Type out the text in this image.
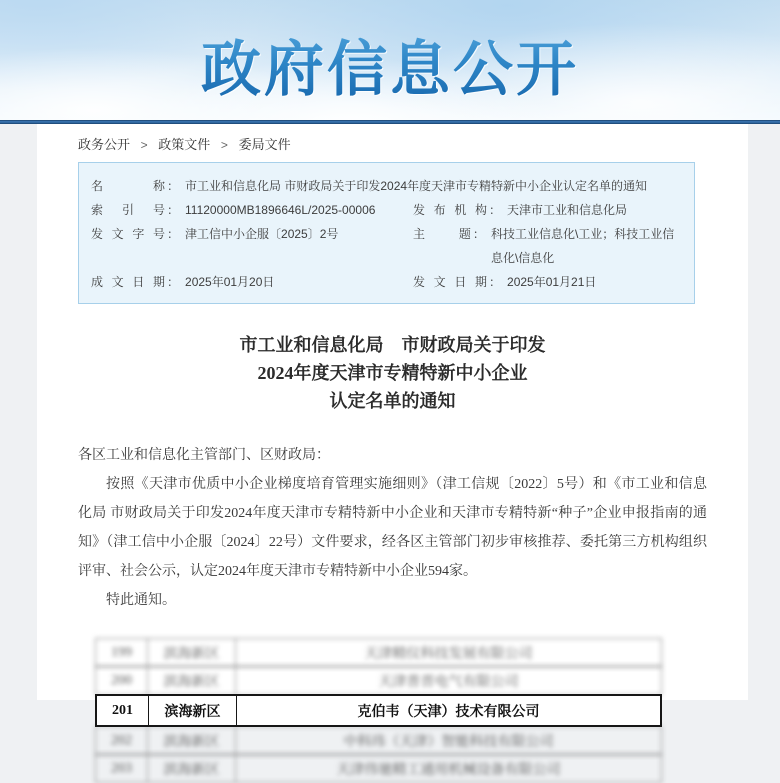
政府信息公开
政务公开 > 政策文件 > 委局文件
名称 ： 市工业和信息化局 市财政局关于印发2024年度天津市专精特新中小企业认定名单的通知
索引号 ： 11120000MB1896646L/2025-00006	发布机构 ： 天津市工业和信息化局
发文字号 ： 津工信中小企服〔2025〕2号	主题 ： 科技工业信息化\工业；科技工业信息化\信息化
成文日期 ： 2025年01月20日	发文日期 ： 2025年01月21日
市工业和信息化局　市财政局关于印发
2024年度天津市专精特新中小企业
认定名单的通知

各区工业和信息化主管部门、区财政局：

按照《天津市优质中小企业梯度培育管理实施细则》（津工信规〔2022〕5号）和《市工业和信息化局 市财政局关于印发2024年度天津市专精特新中小企业和天津市专精特新“种子”企业申报指南的通知》（津工信中小企服〔2024〕22号）文件要求，经各区主管部门初步审核推荐、委托第三方机构组织评审、社会公示，认定2024年度天津市专精特新中小企业594家。

特此通知。

199	滨海新区	天津精仪科技发展有限公司
200	滨海新区	天津普晋电气有限公司
201	滨海新区	克伯韦（天津）技术有限公司
202	滨海新区	中科玮（天津）智能科技有限公司
203	滨海新区	天津伟驰精工通用机械设备有限公司
